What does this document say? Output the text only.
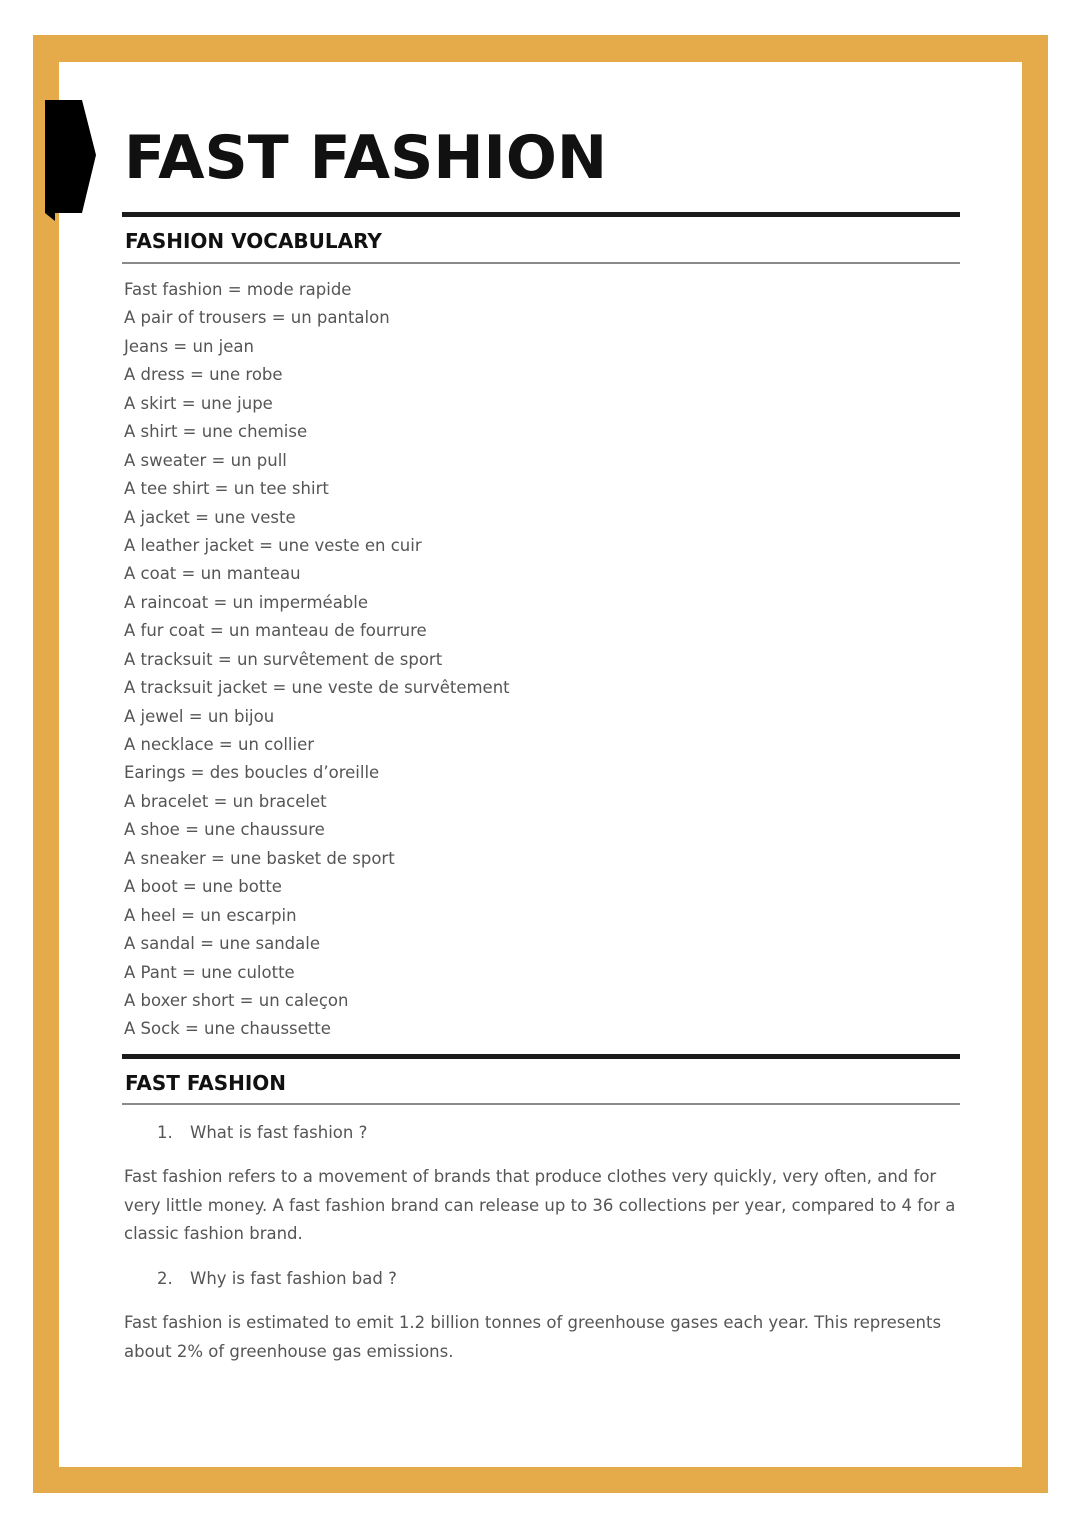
FAST FASHION
FASHION VOCABULARY
Fast fashion = mode rapide
A pair of trousers = un pantalon
Jeans = un jean
A dress = une robe
A skirt = une jupe
A shirt = une chemise
A sweater = un pull
A tee shirt = un tee shirt
A jacket = une veste
A leather jacket = une veste en cuir
A coat = un manteau
A raincoat = un imperméable
A fur coat = un manteau de fourrure
A tracksuit = un survêtement de sport
A tracksuit jacket = une veste de survêtement
A jewel = un bijou
A necklace = un collier
Earings = des boucles d’oreille
A bracelet = un bracelet
A shoe = une chaussure
A sneaker = une basket de sport
A boot = une botte
A heel = un escarpin
A sandal = une sandale
A Pant = une culotte
A boxer short = un caleçon
A Sock = une chaussette
FAST FASHION

1. What is fast fashion ?

Fast fashion refers to a movement of brands that produce clothes very quickly, very often, and for very little money. A fast fashion brand can release up to 36 collections per year, compared to 4 for a classic fashion brand.

2. Why is fast fashion bad ?

Fast fashion is estimated to emit 1.2 billion tonnes of greenhouse gases each year. This represents about 2% of greenhouse gas emissions.
